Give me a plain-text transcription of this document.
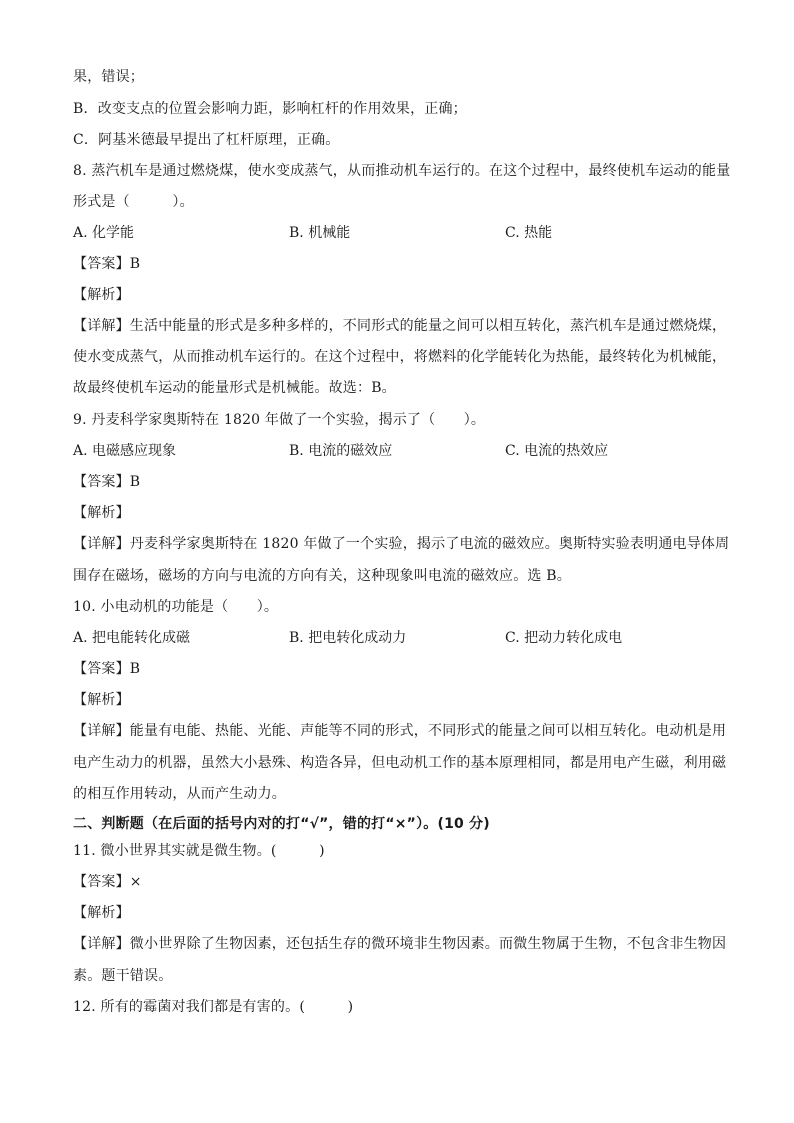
果，错误；
B．改变支点的位置会影响力距，影响杠杆的作用效果，正确；
C．阿基米德最早提出了杠杆原理，正确。
8. 蒸汽机车是通过燃烧煤，使水变成蒸气，从而推动机车运行的。在这个过程中，最终使机车运动的能量
形式是（　　　）。
A. 化学能	B. 机械能	C. 热能
【答案】B
【解析】
【详解】生活中能量的形式是多种多样的，不同形式的能量之间可以相互转化，蒸汽机车是通过燃烧煤，
使水变成蒸气，从而推动机车运行的。在这个过程中，将燃料的化学能转化为热能，最终转化为机械能，
故最终使机车运动的能量形式是机械能。故选：B。
9. 丹麦科学家奥斯特在 1820 年做了一个实验，揭示了（　　）。
A. 电磁感应现象	B. 电流的磁效应	C. 电流的热效应
【答案】B
【解析】
【详解】丹麦科学家奥斯特在 1820 年做了一个实验，揭示了电流的磁效应。奥斯特实验表明通电导体周
围存在磁场，磁场的方向与电流的方向有关，这种现象叫电流的磁效应。选 B。
10. 小电动机的功能是（　　）。
A. 把电能转化成磁	B. 把电转化成动力	C. 把动力转化成电
【答案】B
【解析】
【详解】能量有电能、热能、光能、声能等不同的形式，不同形式的能量之间可以相互转化。电动机是用
电产生动力的机器，虽然大小悬殊、构造各异，但电动机工作的基本原理相同，都是用电产生磁，利用磁
的相互作用转动，从而产生动力。
二、判断题（在后面的括号内对的打“√”，错的打“×”）。(10 分)
11. 微小世界其实就是微生物。(　　　)
【答案】×
【解析】
【详解】微小世界除了生物因素，还包括生存的微环境非生物因素。而微生物属于生物，不包含非生物因
素。题干错误。
12. 所有的霉菌对我们都是有害的。(　　　)
